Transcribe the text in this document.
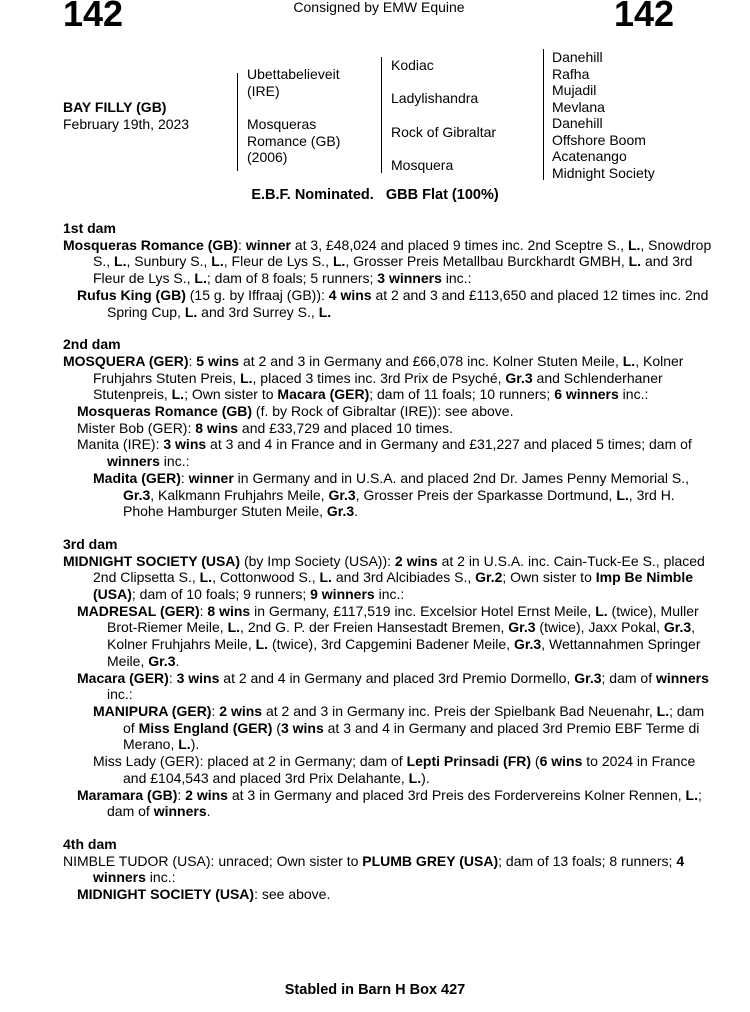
142	Consigned by EMW Equine	142
BAY FILLY (GB)
February 19th, 2023
Ubettabelieveit (IRE)
Mosqueras Romance (GB) (2006)
Kodiac
Ladylishandra
Rock of Gibraltar
Mosquera
Danehill
Rafha
Mujadil
Mevlana
Danehill
Offshore Boom
Acatenango
Midnight Society
E.B.F. Nominated.   GBB Flat (100%)
1st dam
Mosqueras Romance (GB): winner at 3, £48,024 and placed 9 times inc. 2nd Sceptre S., L., Snowdrop S., L., Sunbury S., L., Fleur de Lys S., L., Grosser Preis Metallbau Burckhardt GMBH, L. and 3rd Fleur de Lys S., L.; dam of 8 foals; 5 runners; 3 winners inc.:
Rufus King (GB) (15 g. by Iffraaj (GB)): 4 wins at 2 and 3 and £113,650 and placed 12 times inc. 2nd Spring Cup, L. and 3rd Surrey S., L.
2nd dam
MOSQUERA (GER): 5 wins at 2 and 3 in Germany and £66,078 inc. Kolner Stuten Meile, L., Kolner Fruhjahrs Stuten Preis, L., placed 3 times inc. 3rd Prix de Psyché, Gr.3 and Schlenderhaner Stutenpreis, L.; Own sister to Macara (GER); dam of 11 foals; 10 runners; 6 winners inc.:
Mosqueras Romance (GB) (f. by Rock of Gibraltar (IRE)): see above.
Mister Bob (GER): 8 wins and £33,729 and placed 10 times.
Manita (IRE): 3 wins at 3 and 4 in France and in Germany and £31,227 and placed 5 times; dam of winners inc.:
Madita (GER): winner in Germany and in U.S.A. and placed 2nd Dr. James Penny Memorial S., Gr.3, Kalkmann Fruhjahrs Meile, Gr.3, Grosser Preis der Sparkasse Dortmund, L., 3rd H. Phohe Hamburger Stuten Meile, Gr.3.
3rd dam
MIDNIGHT SOCIETY (USA) (by Imp Society (USA)): 2 wins at 2 in U.S.A. inc. Cain-Tuck-Ee S., placed 2nd Clipsetta S., L., Cottonwood S., L. and 3rd Alcibiades S., Gr.2; Own sister to Imp Be Nimble (USA); dam of 10 foals; 9 runners; 9 winners inc.:
MADRESAL (GER): 8 wins in Germany, £117,519 inc. Excelsior Hotel Ernst Meile, L. (twice), Muller Brot-Riemer Meile, L., 2nd G. P. der Freien Hansestadt Bremen, Gr.3 (twice), Jaxx Pokal, Gr.3, Kolner Fruhjahrs Meile, L. (twice), 3rd Capgemini Badener Meile, Gr.3, Wettannahmen Springer Meile, Gr.3.
Macara (GER): 3 wins at 2 and 4 in Germany and placed 3rd Premio Dormello, Gr.3; dam of winners inc.:
MANIPURA (GER): 2 wins at 2 and 3 in Germany inc. Preis der Spielbank Bad Neuenahr, L.; dam of Miss England (GER) (3 wins at 3 and 4 in Germany and placed 3rd Premio EBF Terme di Merano, L.).
Miss Lady (GER): placed at 2 in Germany; dam of Lepti Prinsadi (FR) (6 wins to 2024 in France and £104,543 and placed 3rd Prix Delahante, L.).
Maramara (GB): 2 wins at 3 in Germany and placed 3rd Preis des Fordervereins Kolner Rennen, L.; dam of winners.
4th dam
NIMBLE TUDOR (USA): unraced; Own sister to PLUMB GREY (USA); dam of 13 foals; 8 runners; 4 winners inc.:
MIDNIGHT SOCIETY (USA): see above.
Stabled in Barn H Box 427
